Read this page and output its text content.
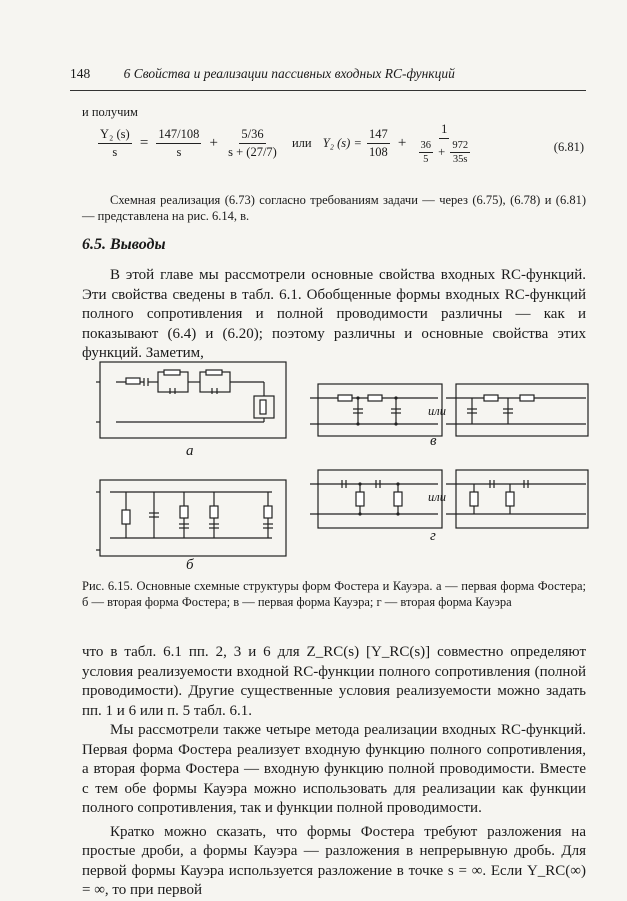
148 6 Свойства и реализации пассивных входных RC-функций
и получим
$\frac{\text{Y₂ (s)}}{s} = \frac{147/108}{s} + \frac{5/36}{s + (27/7)}$ или Y₂ $(s) = \frac{147}{108} + \frac{1}{\frac{36}{5} + \frac{972}{35s}}$	(6.81)
Схемная реализация (6.73) согласно требованиям задачи — через (6.75), (6.78) и (6.81) — представлена на рис. 6.14, в.
6.5. Выводы

В этой главе мы рассмотрели основные свойства входных RC-функций. Эти свойства сведены в табл. 6.1. Обобщенные формы входных RC-функций полного сопротивления и полной проводимости различны — как и показывают (6.4) и (6.20); поэтому различны и основные свойства этих функций. Заметим,

а
б
в
г
или
или
Рис. 6.15. Основные схемные структуры форм Фостера и Кауэра. а — первая форма Фостера; б — вторая форма Фостера; в — первая форма Кауэра; г — вторая форма Кауэра

что в табл. 6.1 пп. 2, 3 и 6 для Z_RC(s) [Y_RC(s)] совместно определяют условия реализуемости входной RC-функции полного сопротивления (полной проводимости). Другие существенные условия реализуемости можно задать пп. 1 и 6 или п. 5 табл. 6.1.

Мы рассмотрели также четыре метода реализации входных RC-функций. Первая форма Фостера реализует входную функцию полного сопротивления, а вторая форма Фостера — входную функцию полной проводимости. Вместе с тем обе формы Кауэра можно использовать для реализации как функции полного сопротивления, так и функции полной проводимости.

Кратко можно сказать, что формы Фостера требуют разложения на простые дроби, а формы Кауэра — разложения в непрерывную дробь. Для первой формы Кауэра используется разложение в точке s = ∞. Если Y_RC(∞) = ∞, то при первой
